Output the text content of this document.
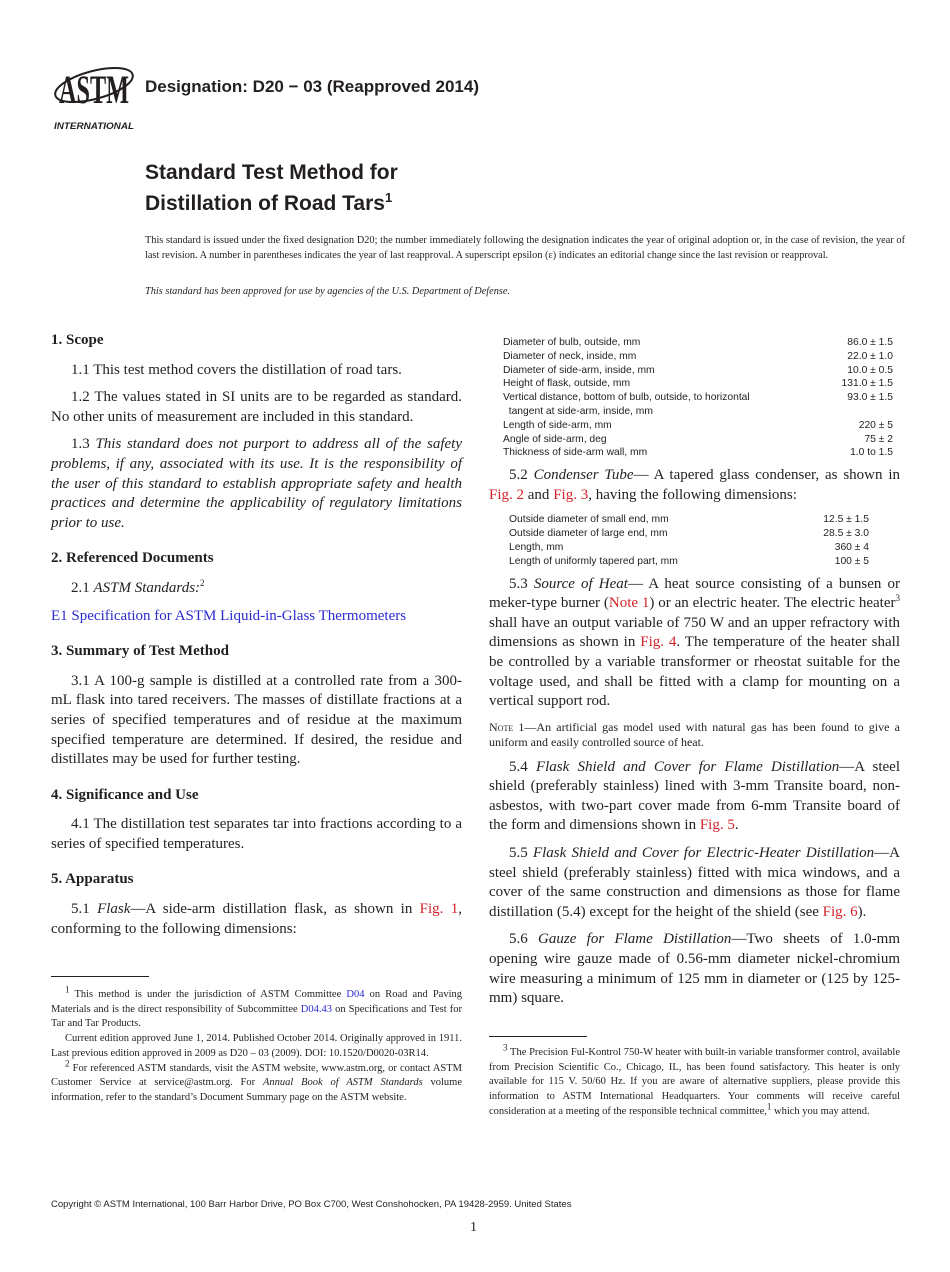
ASTM
INTERNATIONAL
Designation: D20 − 03 (Reapproved 2014)
Standard Test Method for
Distillation of Road Tars$^1$
This standard is issued under the fixed designation D20; the number immediately following the designation indicates the year of original adoption or, in the case of revision, the year of last revision. A number in parentheses indicates the year of last reapproval. A superscript epsilon (ε) indicates an editorial change since the last revision or reapproval.
This standard has been approved for use by agencies of the U.S. Department of Defense.
1. Scope

1.1 This test method covers the distillation of road tars.

1.2 The values stated in SI units are to be regarded as standard. No other units of measurement are included in this standard.

1.3 This standard does not purport to address all of the safety problems, if any, associated with its use. It is the responsibility of the user of this standard to establish appropriate safety and health practices and determine the applicability of regulatory limitations prior to use.

2. Referenced Documents

2.1 ASTM Standards:$^2$

E1 Specification for ASTM Liquid-in-Glass Thermometers

3. Summary of Test Method

3.1 A 100-g sample is distilled at a controlled rate from a 300-mL flask into tared receivers. The masses of distillate fractions at a series of specified temperatures and of residue at the maximum specified temperature are determined. If desired, the residue and distillates may be used for further testing.

4. Significance and Use

4.1 The distillation test separates tar into fractions according to a series of specified temperatures.

5. Apparatus

5.1 Flask—A side-arm distillation flask, as shown in Fig. 1, conforming to the following dimensions:

Diameter of bulb, outside, mm	86.0 ± 1.5
Diameter of neck, inside, mm	22.0 ± 1.0
Diameter of side-arm, inside, mm	10.0 ± 0.5
Height of flask, outside, mm	131.0 ± 1.5
Vertical distance, bottom of bulb, outside, to horizontal	93.0 ± 1.5
tangent at side-arm, inside, mm	
Length of side-arm, mm	220 ± 5
Angle of side-arm, deg	75 ± 2
Thickness of side-arm wall, mm	1.0 to 1.5

5.2 Condenser Tube— A tapered glass condenser, as shown in Fig. 2 and Fig. 3, having the following dimensions:

Outside diameter of small end, mm	12.5 ± 1.5
Outside diameter of large end, mm	28.5 ± 3.0
Length, mm	360 ± 4
Length of uniformly tapered part, mm	100 ± 5

5.3 Source of Heat— A heat source consisting of a bunsen or meker-type burner (Note 1) or an electric heater. The electric heater$^3$ shall have an output variable of 750 W and an upper refractory with dimensions as shown in Fig. 4. The temperature of the heater shall be controlled by a variable transformer or rheostat suitable for the voltage used, and shall be fitted with a clamp for mounting on a vertical support rod.

Note 1—An artificial gas model used with natural gas has been found to give a uniform and easily controlled source of heat.

5.4 Flask Shield and Cover for Flame Distillation—A steel shield (preferably stainless) lined with 3-mm Transite board, non-asbestos, with two-part cover made from 6-mm Transite board of the form and dimensions shown in Fig. 5.

5.5 Flask Shield and Cover for Electric-Heater Distillation—A steel shield (preferably stainless) fitted with mica windows, and a cover of the same construction and dimensions as those for flame distillation (5.4) except for the height of the shield (see Fig. 6).

5.6 Gauze for Flame Distillation—Two sheets of 1.0-mm opening wire gauze made of 0.56-mm diameter nickel-chromium wire measuring a minimum of 125 mm in diameter or (125 by 125-mm) square.

1 This method is under the jurisdiction of ASTM Committee D04 on Road and Paving Materials and is the direct responsibility of Subcommittee D04.43 on Specifications and Test for Tar and Tar Products.

Current edition approved June 1, 2014. Published October 2014. Originally approved in 1911. Last previous edition approved in 2009 as D20 – 03 (2009). DOI: 10.1520/D0020-03R14.

2 For referenced ASTM standards, visit the ASTM website, www.astm.org, or contact ASTM Customer Service at service@astm.org. For Annual Book of ASTM Standards volume information, refer to the standard’s Document Summary page on the ASTM website.

3 The Precision Ful-Kontrol 750-W heater with built-in variable transformer control, available from Precision Scientific Co., Chicago, IL, has been found satisfactory. This heater is only available for 115 V. 50/60 Hz. If you are aware of alternative suppliers, please provide this information to ASTM International Headquarters. Your comments will receive careful consideration at a meeting of the responsible technical committee,1 which you may attend.

Copyright © ASTM International, 100 Barr Harbor Drive, PO Box C700, West Conshohocken, PA 19428-2959. United States
1
